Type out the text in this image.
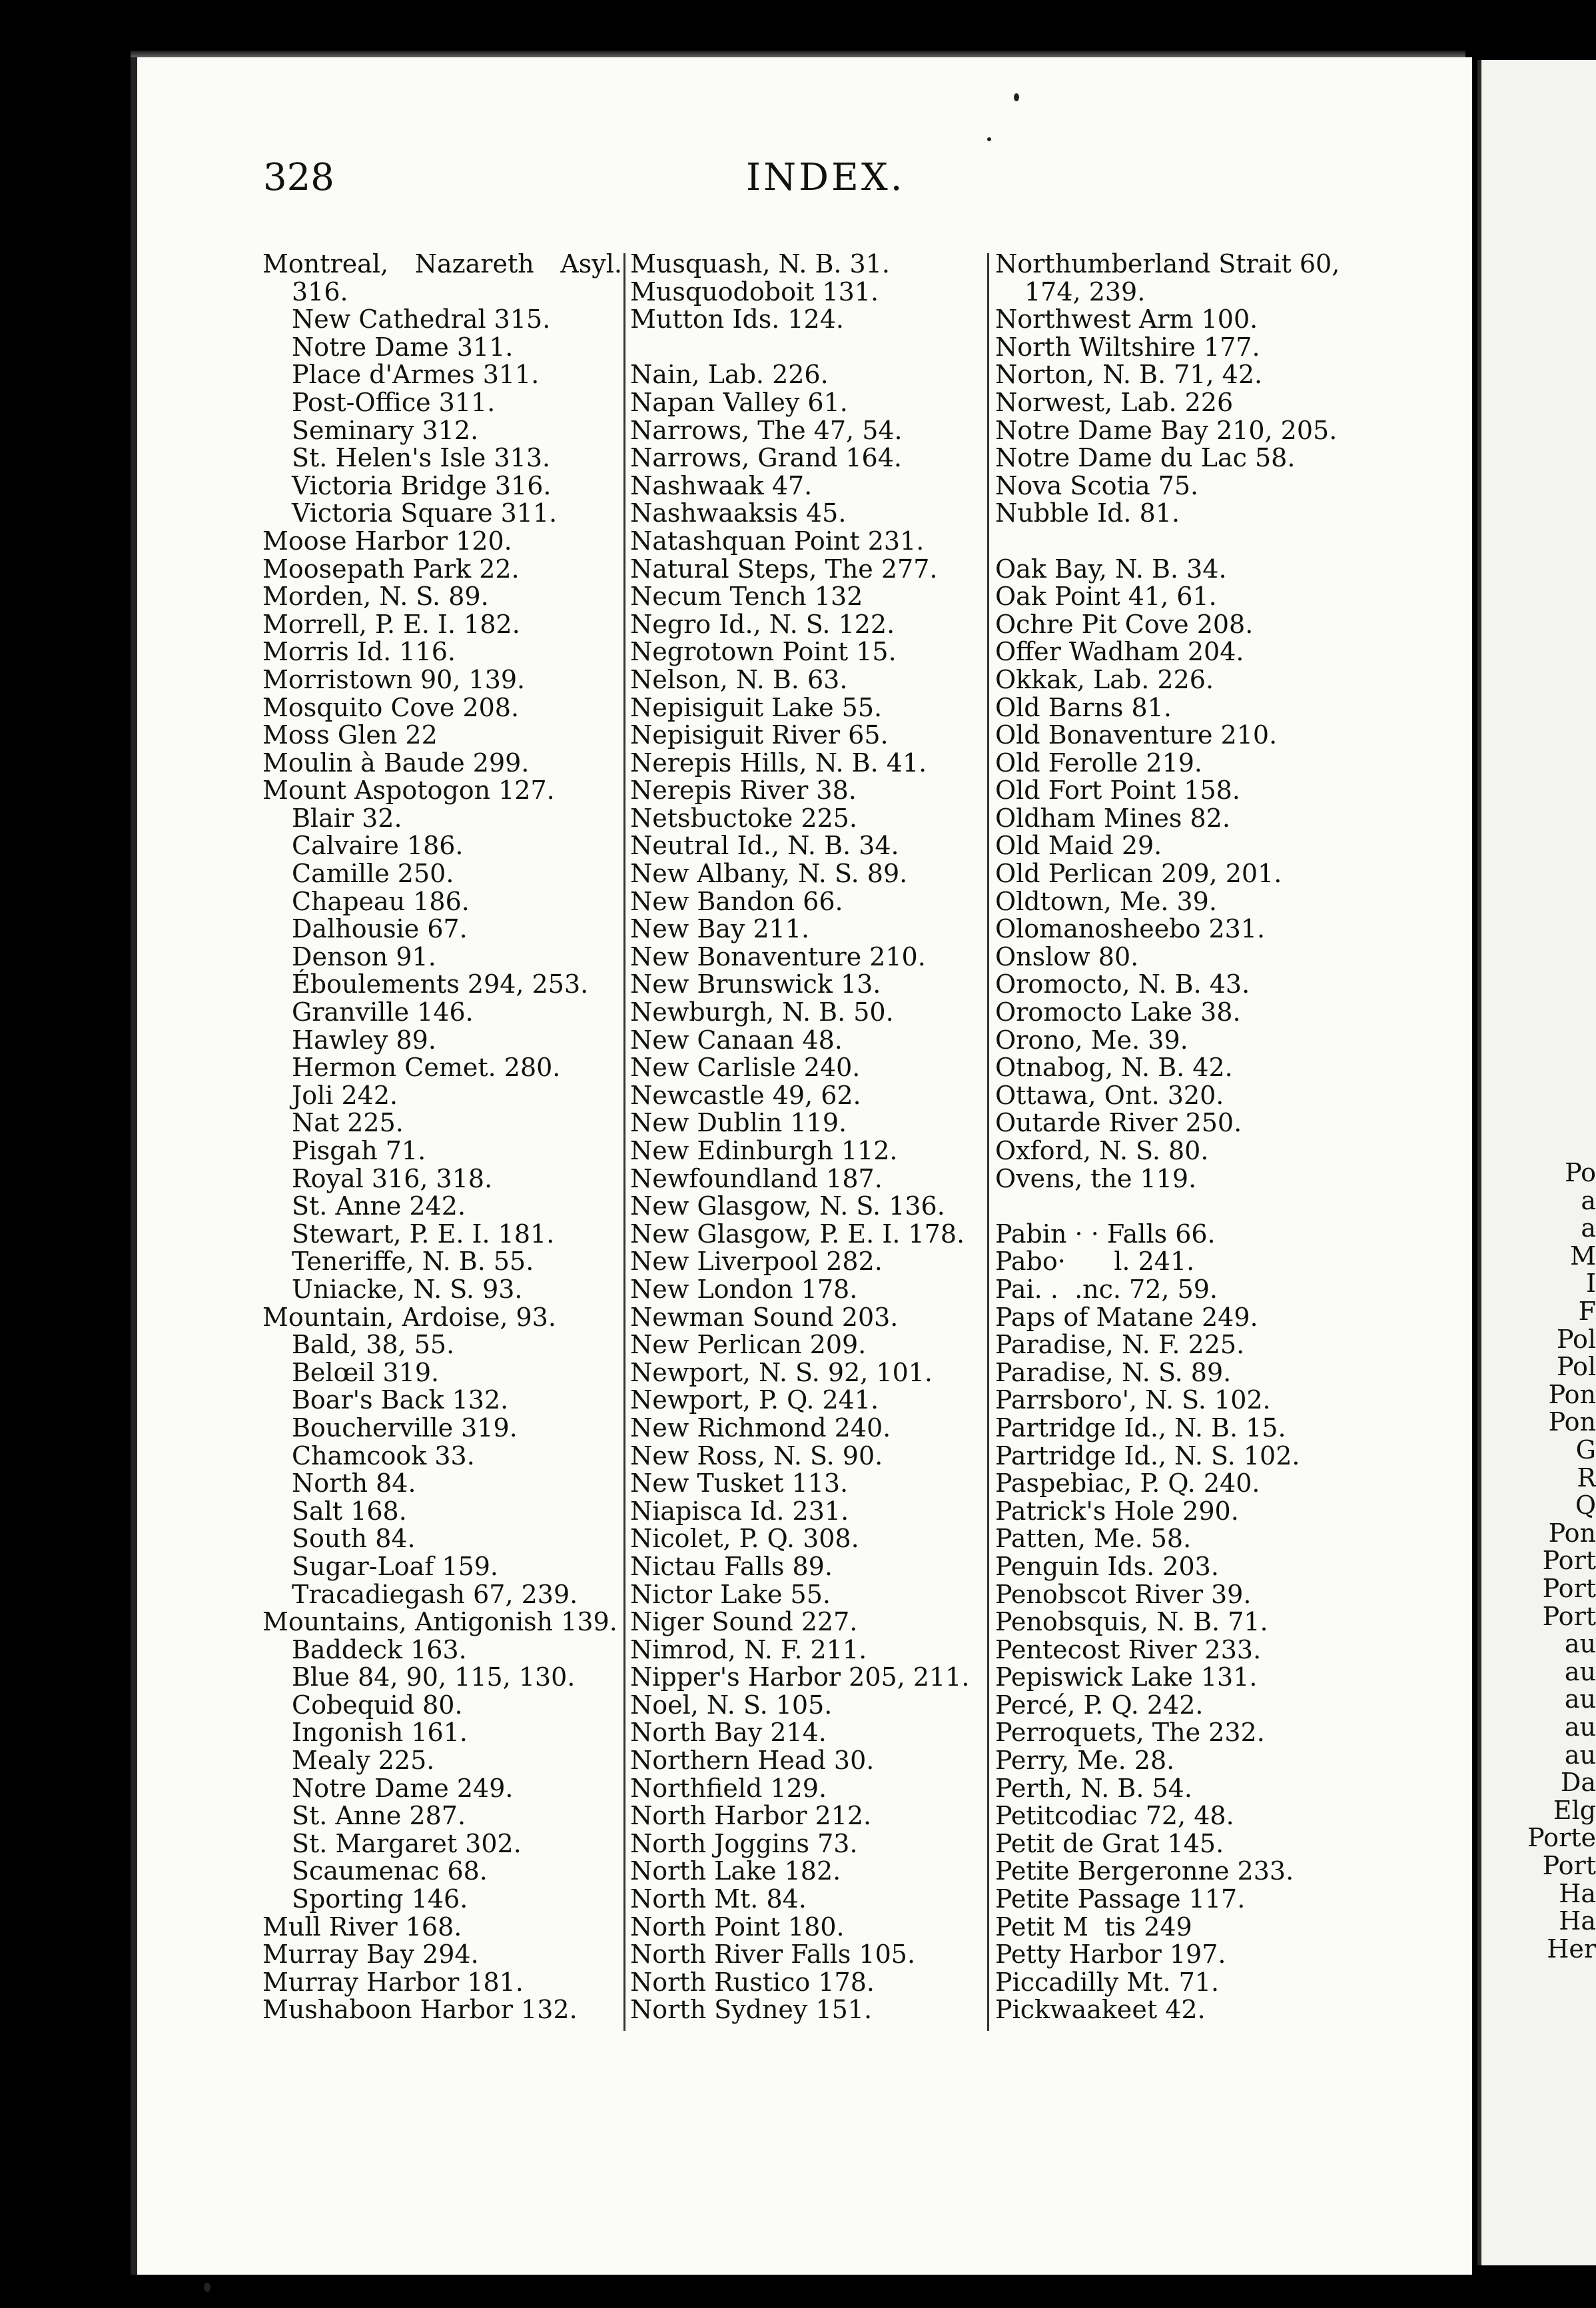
Po
a
a
M
I
F
Pol
Pol
Pon
Pon
G
R
Q
Pon
Port
Port
Port
au
au
au
au
au
Da
Elg
Porte
Port
Ha
Ha
Her
328	INDEX.
Montreal, Nazareth Asyl.
316.
New Cathedral 315.
Notre Dame 311.
Place d'Armes 311.
Post-Office 311.
Seminary 312.
St. Helen's Isle 313.
Victoria Bridge 316.
Victoria Square 311.
Moose Harbor 120.
Moosepath Park 22.
Morden, N. S. 89.
Morrell, P. E. I. 182.
Morris Id. 116.
Morristown 90, 139.
Mosquito Cove 208.
Moss Glen 22
Moulin à Baude 299.
Mount Aspotogon 127.
Blair 32.
Calvaire 186.
Camille 250.
Chapeau 186.
Dalhousie 67.
Denson 91.
Éboulements 294, 253.
Granville 146.
Hawley 89.
Hermon Cemet. 280.
Joli 242.
Nat 225.
Pisgah 71.
Royal 316, 318.
St. Anne 242.
Stewart, P. E. I. 181.
Teneriffe, N. B. 55.
Uniacke, N. S. 93.
Mountain, Ardoise, 93.
Bald, 38, 55.
Belœil 319.
Boar's Back 132.
Boucherville 319.
Chamcook 33.
North 84.
Salt 168.
South 84.
Sugar-Loaf 159.
Tracadiegash 67, 239.
Mountains, Antigonish 139.
Baddeck 163.
Blue 84, 90, 115, 130.
Cobequid 80.
Ingonish 161.
Mealy 225.
Notre Dame 249.
St. Anne 287.
St. Margaret 302.
Scaumenac 68.
Sporting 146.
Mull River 168.
Murray Bay 294.
Murray Harbor 181.
Mushaboon Harbor 132.
Musquash, N. B. 31.
Musquodoboit 131.
Mutton Ids. 124.
Nain, Lab. 226.
Napan Valley 61.
Narrows, The 47, 54.
Narrows, Grand 164.
Nashwaak 47.
Nashwaaksis 45.
Natashquan Point 231.
Natural Steps, The 277.
Necum Tench 132
Negro Id., N. S. 122.
Negrotown Point 15.
Nelson, N. B. 63.
Nepisiguit Lake 55.
Nepisiguit River 65.
Nerepis Hills, N. B. 41.
Nerepis River 38.
Netsbuctoke 225.
Neutral Id., N. B. 34.
New Albany, N. S. 89.
New Bandon 66.
New Bay 211.
New Bonaventure 210.
New Brunswick 13.
Newburgh, N. B. 50.
New Canaan 48.
New Carlisle 240.
Newcastle 49, 62.
New Dublin 119.
New Edinburgh 112.
Newfoundland 187.
New Glasgow, N. S. 136.
New Glasgow, P. E. I. 178.
New Liverpool 282.
New London 178.
Newman Sound 203.
New Perlican 209.
Newport, N. S. 92, 101.
Newport, P. Q. 241.
New Richmond 240.
New Ross, N. S. 90.
New Tusket 113.
Niapisca Id. 231.
Nicolet, P. Q. 308.
Nictau Falls 89.
Nictor Lake 55.
Niger Sound 227.
Nimrod, N. F. 211.
Nipper's Harbor 205, 211.
Noel, N. S. 105.
North Bay 214.
Northern Head 30.
Northfield 129.
North Harbor 212.
North Joggins 73.
North Lake 182.
North Mt. 84.
North Point 180.
North River Falls 105.
North Rustico 178.
North Sydney 151.
Northumberland Strait 60,
174, 239.
Northwest Arm 100.
North Wiltshire 177.
Norton, N. B. 71, 42.
Norwest, Lab. 226
Notre Dame Bay 210, 205.
Notre Dame du Lac 58.
Nova Scotia 75.
Nubble Id. 81.
Oak Bay, N. B. 34.
Oak Point 41, 61.
Ochre Pit Cove 208.
Offer Wadham 204.
Okkak, Lab. 226.
Old Barns 81.
Old Bonaventure 210.
Old Ferolle 219.
Old Fort Point 158.
Oldham Mines 82.
Old Maid 29.
Old Perlican 209, 201.
Oldtown, Me. 39.
Olomanosheebo 231.
Onslow 80.
Oromocto, N. B. 43.
Oromocto Lake 38.
Orono, Me. 39.
Otnabog, N. B. 42.
Ottawa, Ont. 320.
Outarde River 250.
Oxford, N. S. 80.
Ovens, the 119.
Pabin · · Falls 66.
Pabo·      l. 241.
Pai. .  .nc. 72, 59.
Paps of Matane 249.
Paradise, N. F. 225.
Paradise, N. S. 89.
Parrsboro', N. S. 102.
Partridge Id., N. B. 15.
Partridge Id., N. S. 102.
Paspebiac, P. Q. 240.
Patrick's Hole 290.
Patten, Me. 58.
Penguin Ids. 203.
Penobscot River 39.
Penobsquis, N. B. 71.
Pentecost River 233.
Pepiswick Lake 131.
Percé, P. Q. 242.
Perroquets, The 232.
Perry, Me. 28.
Perth, N. B. 54.
Petitcodiac 72, 48.
Petit de Grat 145.
Petite Bergeronne 233.
Petite Passage 117.
Petit M  tis 249
Petty Harbor 197.
Piccadilly Mt. 71.
Pickwaakeet 42.
